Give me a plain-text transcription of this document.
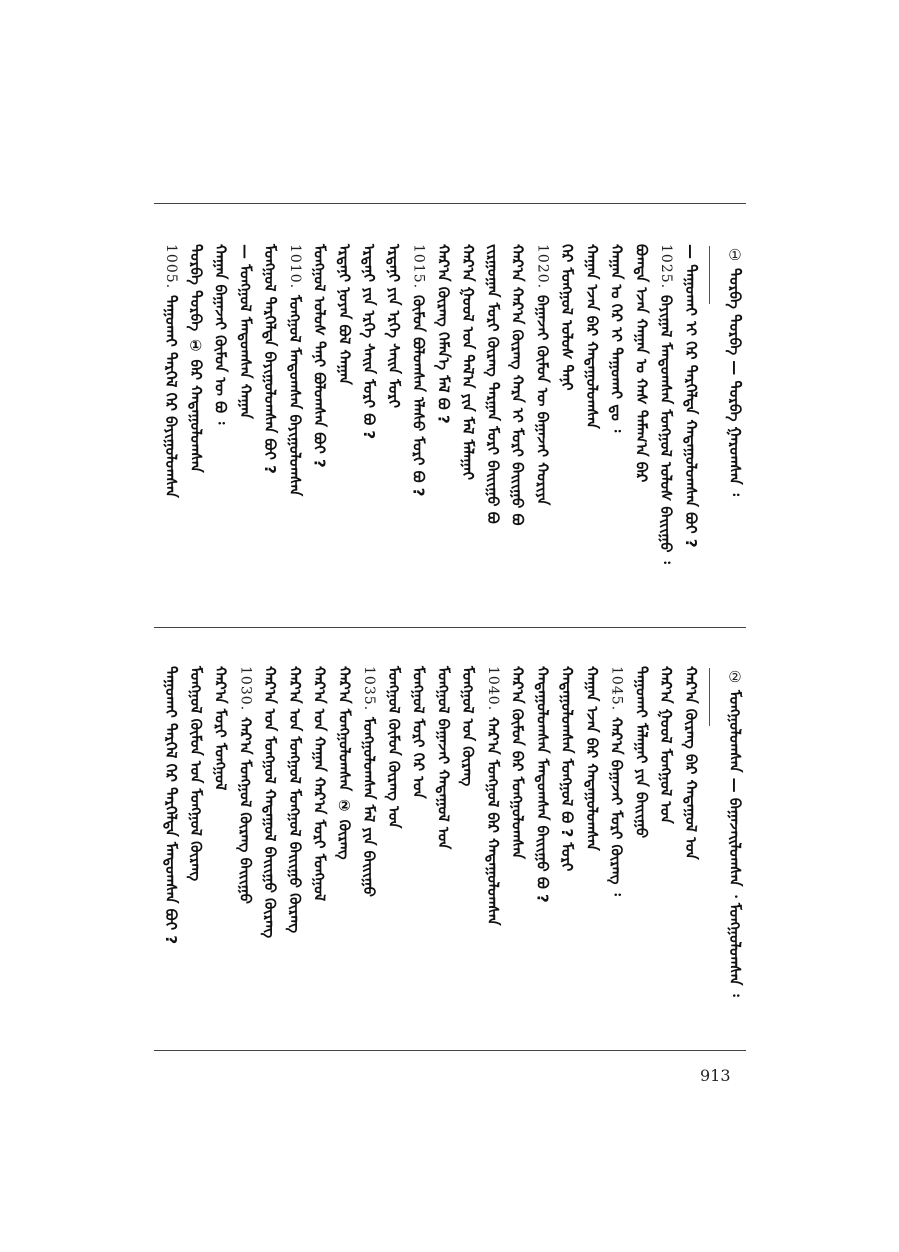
①
ᠳᠤᠷᠪᠡ ᠳᠤᠷᠪᠡ — ᠳᠤᠷᠪᠡ ᠭᠠᠷᠤᠭᠰᠠᠨ ᠄
— ᠲᠠᠭᠤᠬᠠᠢ ᠢ ᠭᠡᠷ ᠲᠡᠷᠭᠡᠯᠲᠡ ᠬᠠᠳᠠᠭᠤᠯᠤᠭᠰᠠᠨ ᠪᠤᠢ ?
1025.
ᠪᠠᠶᠢᠭᠠᠯ ᠮᠠᠨᠳᠤᠭᠰᠠᠨ ᠮᠣᠩᠭᠣᠯ ᠤᠯᠤᠰ ᠪᠠᠢᠢᠭᠤ ᠄
ᠪᠣᠭᠳᠠ ᠡᠵᠡᠨ ᠬᠠᠭᠠᠨ ᠤ ᠬᠠᠰ ᠲᠠᠮᠠᠭ᠎ᠠ ᠪᠡᠷ
ᠬᠠᠭᠠᠨ ᠤ ᠭᠡᠷ ᠢ ᠲᠠᠭᠤᠬᠠᠢ ᠳᠤ ᠄
ᠬᠠᠭᠠᠨ ᠡᠵᠡᠨ ᠪᠡᠷ ᠬᠠᠳᠠᠭᠤᠯᠤᠭᠰᠠᠨ
ᠭᠡᠷ ᠮᠣᠩᠭᠣᠯ ᠤᠯᠤᠰ ᠲᠠᠨᠢ
1020.
ᠪᠠᠭᠠᠵᠠᠢ ᠬᠦᠮᠦᠨ ᠦ ᠪᠠᠭᠠᠵᠠᠢ ᠬᠤᠷᠢᠶᠠ
ᠬᠠᠷ᠎ᠠ ᠬᠠᠷ᠎ᠠ ᠬᠦᠷᠡᠩ ᠬᠠᠷᠠ ᠢ ᠮᠣᠷᠢ ᠪᠠᠢᠢᠭᠤ ᠪᠤ
ᠵᠢᠷᠭᠤᠭᠠᠨ ᠮᠣᠷᠢ ᠬᠦᠷᠡᠩ ᠲᠠᠷᠭᠠᠨ ᠮᠣᠷᠢ ᠪᠠᠢᠢᠭᠤ ᠪᠤ
ᠬᠠᠷ᠎ᠠ ᠭᠣᠣᠯ ᠤᠨ ᠲᠠᠯ᠎ᠠ ᠶᠢᠨ ᠮᠠᠯ ᠮᠠᠯᠠᠭᠠᠢ
ᠬᠠᠷ᠎ᠠ ᠬᠦᠷᠡᠩ ᠬᠡᠮᠡᠨ᠎ᠡ ᠮᠠᠯ ᠪᠤ ?
1015.
ᠬᠦᠮᠦᠨ ᠪᠣᠯᠤᠭᠰᠠᠨ ᠡᠯᠡᠰᠦ ᠮᠣᠷᠢ ᠪᠤ ?
ᠡᠷᠳᠡᠨᠢ ᠶᠢᠨ ᠡᠷᠬᠡ ᠰᠠᠢᠨ ᠮᠣᠷᠢ
ᠡᠷᠳᠡᠨᠢ ᠶᠢᠨ ᠡᠷᠬᠡ ᠰᠠᠢᠨ ᠮᠣᠷᠢ ᠪᠤ ?
ᠡᠷᠳᠡᠨᠢ ᠨᠣᠶᠠᠨ ᠪᠣᠯ ᠬᠠᠭᠠᠨ
ᠮᠣᠩᠭᠣᠯ ᠤᠯᠤᠰ ᠲᠠᠨᠢ ᠪᠣᠯᠤᠭᠰᠠᠨ ᠪᠤᠢ ?
1010.
ᠮᠣᠩᠭᠣᠯ ᠮᠠᠨᠳᠤᠭᠰᠠᠨ ᠪᠠᠶᠢᠭᠤᠯᠤᠭᠰᠠᠨ
ᠮᠣᠩᠭᠣᠯ ᠲᠡᠷᠭᠡᠯᠲᠡ ᠪᠠᠶᠢᠭᠤᠯᠤᠭᠰᠠᠨ ᠪᠤᠢ ?
— ᠮᠣᠩᠭᠣᠯ ᠮᠠᠨᠳᠤᠭᠰᠠᠨ ᠬᠠᠭᠠᠨ
ᠬᠠᠭᠠᠨ ᠪᠠᠭᠠᠵᠠᠢ ᠬᠦᠮᠦᠨ ᠦ ᠪᠤ ᠄
ᠳᠤᠷᠪᠡ ᠳᠤᠷᠪᠡ ① ᠪᠡᠷ ᠬᠠᠳᠠᠭᠤᠯᠤᠭᠰᠠᠨ
1005.
ᠲᠠᠭᠤᠬᠠᠢ ᠲᠡᠷᠭᠡᠯ ᠭᠡᠷ ᠪᠠᠶᠢᠭᠤᠯᠤᠭᠰᠠᠨ
②
ᠮᠣᠩᠭᠣᠯᠤᠭᠰᠠᠨ — ᠪᠠᠭᠠᠵᠠᠢᠯᠤᠭᠰᠠᠨ ᠂ ᠮᠣᠩᠭᠣᠯᠤᠭᠰᠠᠨ ᠄
ᠬᠠᠷ᠎ᠠ ᠬᠦᠷᠡᠩ ᠪᠡᠷ ᠬᠠᠳᠠᠭᠤᠯ ᠤᠨ
ᠬᠠᠷ᠎ᠠ ᠭᠣᠣᠯ ᠮᠣᠩᠭᠣᠯ ᠤᠨ
ᠲᠠᠭᠤᠬᠠᠢ ᠮᠠᠯᠠᠭᠠᠢ ᠶᠢᠨ ᠪᠠᠢᠢᠭᠤ
1045.
ᠬᠠᠷ᠎ᠠ ᠪᠠᠭᠠᠵᠠᠢ ᠮᠣᠷᠢ ᠬᠦᠷᠡᠩ ᠄
ᠬᠠᠭᠠᠨ ᠡᠵᠡᠨ ᠪᠡᠷ ᠬᠠᠳᠠᠭᠤᠯᠤᠭᠰᠠᠨ
ᠬᠠᠳᠠᠭᠤᠯᠤᠭᠰᠠᠨ ᠮᠣᠩᠭᠣᠯ ᠪᠤ ? ᠮᠣᠷᠢ
ᠬᠠᠳᠠᠭᠤᠯᠤᠭᠰᠠᠨ ᠮᠠᠨᠳᠤᠭᠰᠠᠨ ᠪᠠᠢᠢᠭᠤ ᠪᠤ ?
ᠬᠠᠷ᠎ᠠ ᠬᠦᠮᠦᠨ ᠪᠡᠷ ᠮᠣᠩᠭᠣᠯᠤᠭᠰᠠᠨ
1040.
ᠬᠠᠷ᠎ᠠ ᠮᠣᠩᠭᠣᠯ ᠪᠡᠷ ᠬᠠᠳᠠᠭᠤᠯᠤᠭᠰᠠᠨ
ᠮᠣᠩᠭᠣᠯ ᠤᠨ ᠬᠦᠷᠡᠩ
ᠮᠣᠩᠭᠣᠯ ᠪᠠᠭᠠᠵᠠᠢ ᠬᠠᠳᠠᠭᠤᠯ ᠤᠨ
ᠮᠣᠩᠭᠣᠯ ᠮᠣᠷᠢ ᠭᠡᠷ ᠤᠨ
ᠮᠣᠩᠭᠣᠯ ᠬᠦᠮᠦᠨ ᠬᠦᠷᠡᠩ ᠤᠨ
1035.
ᠮᠣᠩᠭᠣᠯᠤᠭᠰᠠᠨ ᠮᠠᠯ ᠶᠢᠨ ᠪᠠᠢᠢᠭᠤ
ᠬᠠᠷ᠎ᠠ ᠮᠣᠩᠭᠣᠯᠤᠭᠰᠠᠨ ② ᠬᠦᠷᠡᠩ
ᠬᠠᠷ᠎ᠠ ᠤᠨ ᠬᠠᠭᠠᠨ ᠬᠠᠷ᠎ᠠ ᠮᠣᠷᠢ ᠮᠣᠩᠭᠣᠯ
ᠬᠠᠷ᠎ᠠ ᠤᠨ ᠮᠣᠩᠭᠣᠯ ᠮᠣᠩᠭᠣᠯ ᠪᠠᠢᠢᠭᠤ ᠬᠦᠷᠡᠩ
ᠬᠠᠷ᠎ᠠ ᠤᠨ ᠮᠣᠩᠭᠣᠯ ᠬᠠᠳᠠᠭᠤᠯ ᠪᠠᠢᠢᠭᠤ ᠬᠦᠷᠡᠩ
1030.
ᠬᠠᠷ᠎ᠠ ᠮᠣᠩᠭᠣᠯ ᠬᠦᠷᠡᠩ ᠪᠠᠢᠢᠭᠤ
ᠬᠠᠷ᠎ᠠ ᠮᠣᠷᠢ ᠮᠣᠩᠭᠣᠯ
ᠮᠣᠩᠭᠣᠯ ᠬᠦᠮᠦᠨ ᠤᠨ ᠮᠣᠩᠭᠣᠯ ᠬᠦᠷᠡᠩ
ᠲᠠᠭᠤᠬᠠᠢ ᠲᠡᠷᠭᠡᠯ ᠭᠡᠷ ᠲᠡᠷᠭᠡᠯᠲᠡ ᠮᠠᠨᠳᠤᠭᠰᠠᠨ ᠪᠤᠢ ?
913
